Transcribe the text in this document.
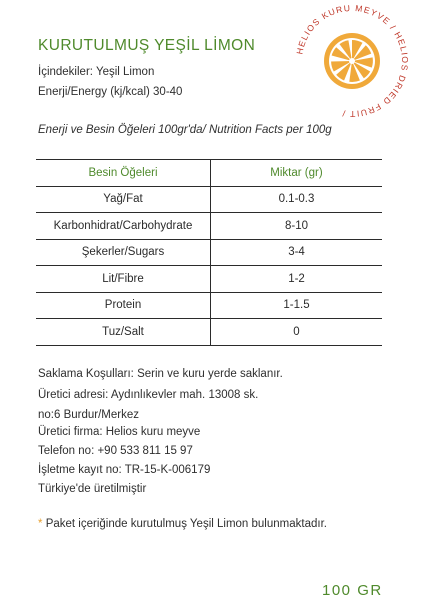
KURUTULMUŞ YEŞİL LİMON
İçindekiler: Yeşil Limon
Enerji/Energy (kj/kcal) 30-40
HELIOS KURU MEYVE / HELIOS DRIED FRUIT /
Enerji ve Besin Öğeleri 100gr'da/ Nutrition Facts per 100g
Besin Öğeleri	Miktar (gr)
Yağ/Fat	0.1-0.3
Karbonhidrat/Carbohydrate	8-10
Şekerler/Sugars	3-4
Lit/Fibre	1-2
Protein	1-1.5
Tuz/Salt	0
Saklama Koşulları: Serin ve kuru yerde saklanır.
Üretici adresi: Aydınlıkevler mah. 13008 sk.
no:6 Burdur/Merkez
Üretici firma: Helios kuru meyve
Telefon no: +90 533 811 15 97
İşletme kayıt no: TR-15-K-006179
Türkiye'de üretilmiştir
* Paket içeriğinde kurutulmuş Yeşil Limon bulunmaktadır.
100 GR
